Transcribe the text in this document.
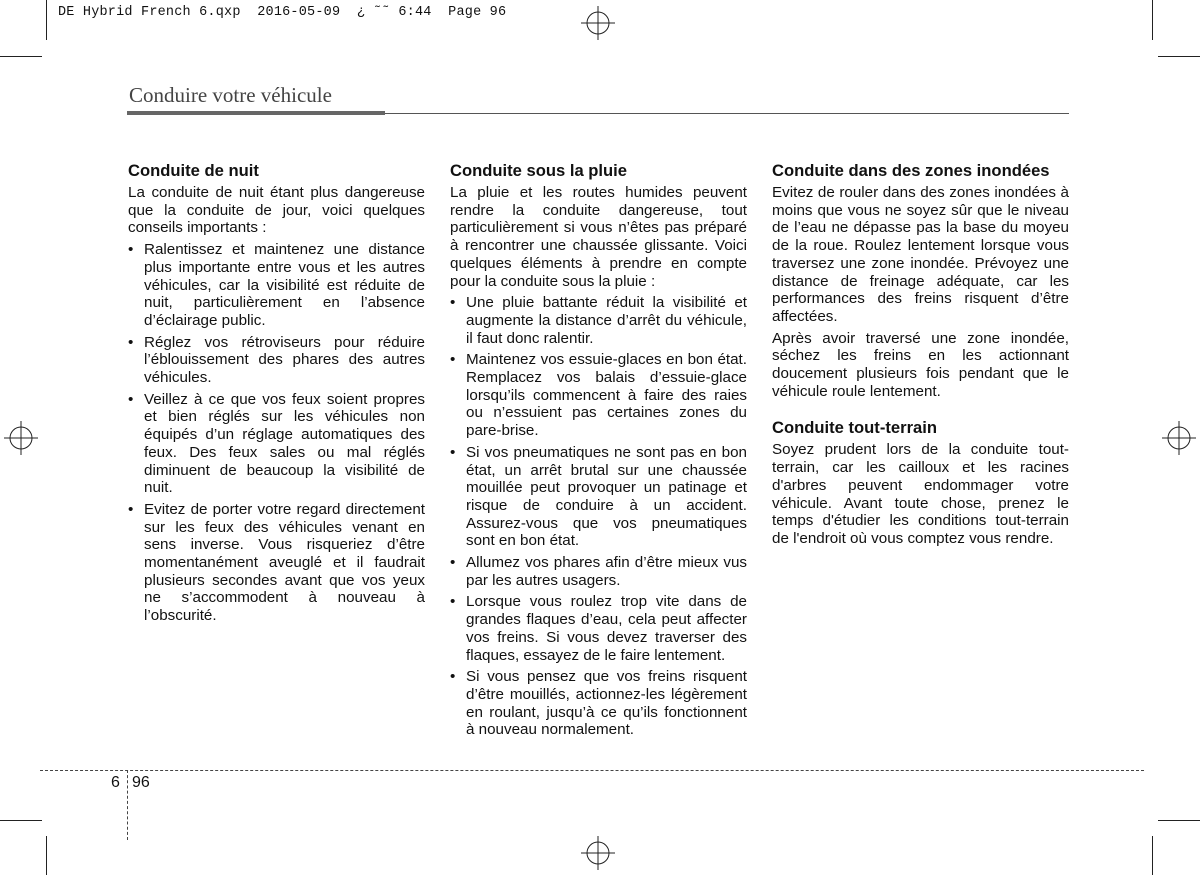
DE Hybrid French 6.qxp  2016-05-09  ¿ ˜˜ 6:44  Page 96
Conduire votre véhicule
Conduite de nuit

La conduite de nuit étant plus dangereuse que la conduite de jour, voici quelques conseils importants :

• Ralentissez et maintenez une distance plus importante entre vous et les autres véhicules, car la visibilité est réduite de nuit, particulièrement en l’absence d’éclairage public.
• Réglez vos rétroviseurs pour réduire l’éblouissement des phares des autres véhicules.
• Veillez à ce que vos feux soient propres et bien réglés sur les véhicules non équipés d’un réglage automatiques des feux. Des feux sales ou mal réglés diminuent de beaucoup la visibilité de nuit.
• Evitez de porter votre regard directement sur les feux des véhicules venant en sens inverse. Vous risqueriez d’être momentanément aveuglé et il faudrait plusieurs secondes avant que vos yeux ne s’accommodent à nouveau à l’obscurité.
Conduite sous la pluie

La pluie et les routes humides peuvent rendre la conduite dangereuse, tout particulièrement si vous n’êtes pas préparé à rencontrer une chaussée glissante. Voici quelques éléments à prendre en compte pour la conduite sous la pluie :

• Une pluie battante réduit la visibilité et augmente la distance d’arrêt du véhicule, il faut donc ralentir.
• Maintenez vos essuie-glaces en bon état. Remplacez vos balais d’essuie-glace lorsqu’ils commencent à faire des raies ou n’essuient pas certaines zones du pare-brise.
• Si vos pneumatiques ne sont pas en bon état, un arrêt brutal sur une chaussée mouillée peut provoquer un patinage et risque de conduire à un accident. Assurez-vous que vos pneumatiques sont en bon état.
• Allumez vos phares afin d’être mieux vus par les autres usagers.
• Lorsque vous roulez trop vite dans de grandes flaques d’eau, cela peut affecter vos freins. Si vous devez traverser des flaques, essayez de le faire lentement.
• Si vous pensez que vos freins risquent d’être mouillés, actionnez-les légèrement en roulant, jusqu’à ce qu’ils fonctionnent à nouveau normalement.
Conduite dans des zones inondées

Evitez de rouler dans des zones inondées à moins que vous ne soyez sûr que le niveau de l’eau ne dépasse pas la base du moyeu de la roue. Roulez lentement lorsque vous traversez une zone inondée. Prévoyez une distance de freinage adéquate, car les performances des freins risquent d’être affectées.

Après avoir traversé une zone inondée, séchez les freins en les actionnant doucement plusieurs fois pendant que le véhicule roule lentement.

Conduite tout-terrain

Soyez prudent lors de la conduite tout-terrain, car les cailloux et les racines d'arbres peuvent endommager votre véhicule. Avant toute chose, prenez le temps d'étudier les conditions tout-terrain de l'endroit où vous comptez vous rendre.

6 96
